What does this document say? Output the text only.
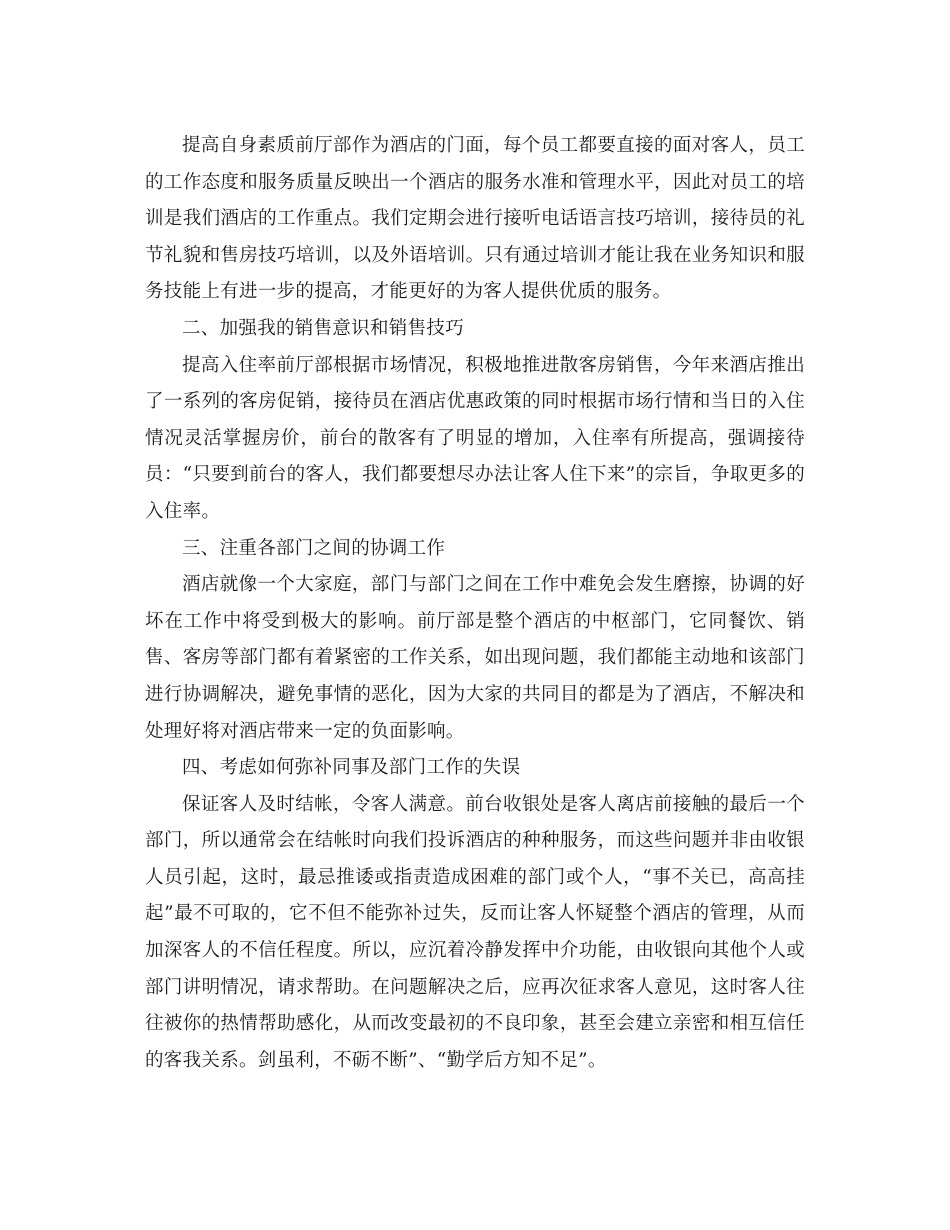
提高自身素质前厅部作为酒店的门面，每个员工都要直接的面对客人，员工的工作态度和服务质量反映出一个酒店的服务水准和管理水平，因此对员工的培训是我们酒店的工作重点。我们定期会进行接听电话语言技巧培训，接待员的礼节礼貌和售房技巧培训，以及外语培训。只有通过培训才能让我在业务知识和服务技能上有进一步的提高，才能更好的为客人提供优质的服务。

二、加强我的销售意识和销售技巧

提高入住率前厅部根据市场情况，积极地推进散客房销售，今年来酒店推出了一系列的客房促销，接待员在酒店优惠政策的同时根据市场行情和当日的入住情况灵活掌握房价，前台的散客有了明显的增加，入住率有所提高，强调接待员：“只要到前台的客人，我们都要想尽办法让客人住下来”的宗旨，争取更多的入住率。

三、注重各部门之间的协调工作

酒店就像一个大家庭，部门与部门之间在工作中难免会发生磨擦，协调的好坏在工作中将受到极大的影响。前厅部是整个酒店的中枢部门，它同餐饮、销售、客房等部门都有着紧密的工作关系，如出现问题，我们都能主动地和该部门进行协调解决，避免事情的恶化，因为大家的共同目的都是为了酒店，不解决和处理好将对酒店带来一定的负面影响。

四、考虑如何弥补同事及部门工作的失误

保证客人及时结帐，令客人满意。前台收银处是客人离店前接触的最后一个部门，所以通常会在结帐时向我们投诉酒店的种种服务，而这些问题并非由收银人员引起，这时，最忌推诿或指责造成困难的部门或个人，“事不关已，高高挂起”最不可取的，它不但不能弥补过失，反而让客人怀疑整个酒店的管理，从而加深客人的不信任程度。所以，应沉着冷静发挥中介功能，由收银向其他个人或部门讲明情况，请求帮助。在问题解决之后，应再次征求客人意见，这时客人往往被你的热情帮助感化，从而改变最初的不良印象，甚至会建立亲密和相互信任的客我关系。剑虽利，不砺不断”、“勤学后方知不足”。
